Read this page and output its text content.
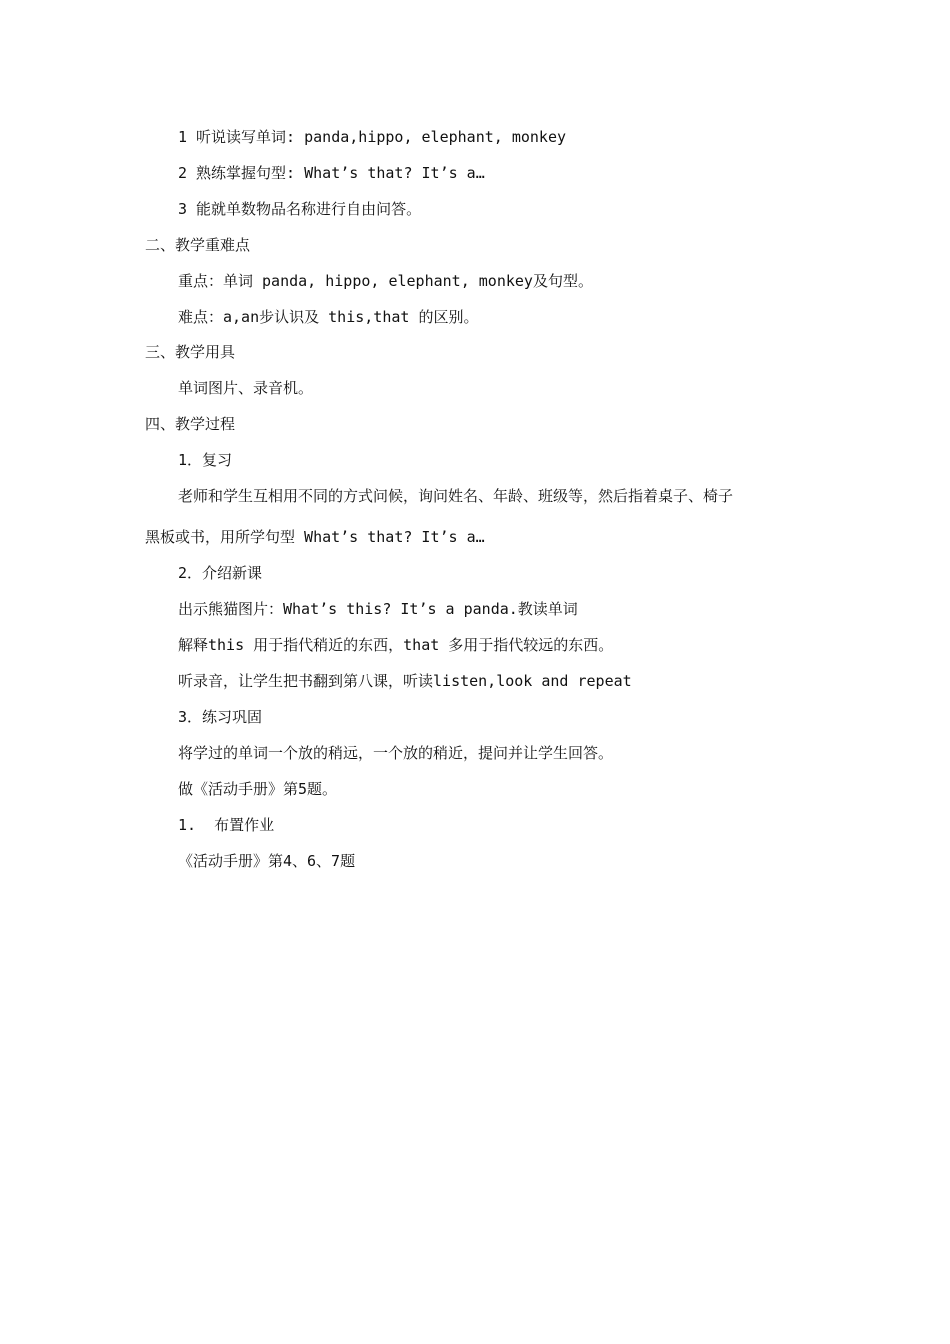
1 听说读写单词: panda,hippo, elephant, monkey
2 熟练掌握句型: What’s that? It’s a…
3 能就单数物品名称进行自由问答。
二、教学重难点
重点：单词 panda, hippo, elephant, monkey及句型。
难点：a,an步认识及 this,that 的区别。
三、教学用具
单词图片、录音机。
四、教学过程
1．复习
老师和学生互相用不同的方式问候，询问姓名、年龄、班级等，然后指着桌子、椅子
黑板或书，用所学句型 What’s that? It’s a…
2．介绍新课
出示熊猫图片：What’s this? It’s a panda.教读单词
解释this 用于指代稍近的东西，that 多用于指代较远的东西。
听录音，让学生把书翻到第八课，听读listen,look and repeat
3．练习巩固
将学过的单词一个放的稍远，一个放的稍近，提问并让学生回答。
做《活动手册》第5题。
1.  布置作业
《活动手册》第4、6、7题
